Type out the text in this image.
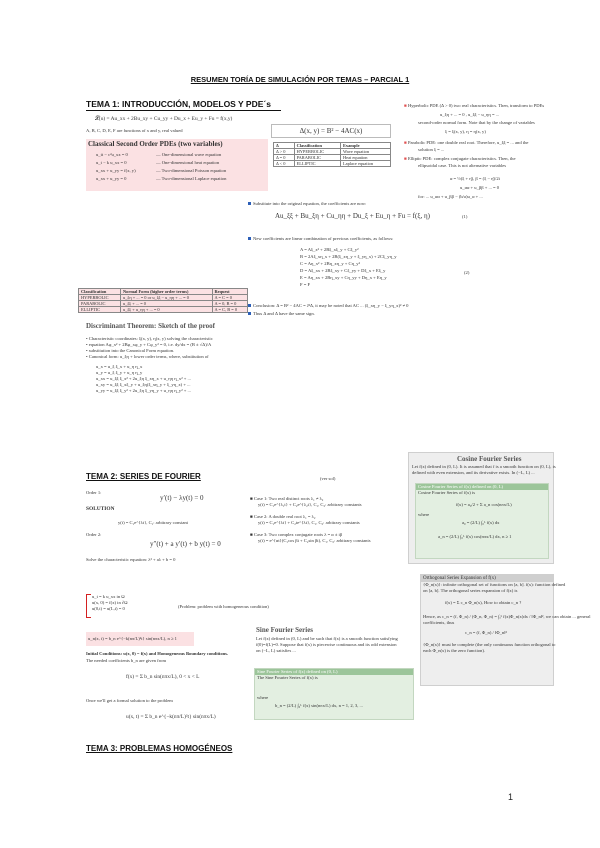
RESUMEN TORÍA DE SIMULACIÓN POR TEMAS – PARCIAL 1
TEMA 1: INTRODUCCIÓN, MODELOS Y PDE´s
𝓛(u) = Au_xx + 2Bu_xy + Cu_yy + Du_x + Eu_y + Fu = f(x,y)
A, B, C, D, E, F are functions of x and y, real valued	Δ(x, y) = B² − 4AC(x)
Classical Second Order PDEs (two variables)
u_tt − c²u_xx = 0	— One-dimensional wave equation
u_t − k u_xx = 0	— One-dimensional heat equation
u_xx + u_yy = f(x, y)	— Two-dimensional Poisson equation
u_xx + u_yy = 0	— Two-dimensional Laplace equation
Δ	Classification	Example
Δ > 0	HYPERBOLIC	Wave equation
Δ = 0	PARABOLIC	Heat equation
Δ < 0	ELLIPTIC	Laplace equation
Substitute into the original equation, the coefficients are now:
Au_ξξ + Bu_ξη + Cu_ηη + Du_ξ + Eu_η + Fu = f(ξ, η)	(1)
New coefficients are linear combination of previous coefficients, as follows:
A = Aξ_x² + 2Bξ_xξ_y + Cξ_y²
B = 2Aξ_xη_x + 2B(ξ_xη_y + ξ_yη_x) + 2Cξ_yη_y
C = Aη_x² + 2Bη_xη_y + Cη_y²
D = Aξ_xx + 2Bξ_xy + Cξ_yy + Dξ_x + Eξ_y
E = Aη_xx + 2Bη_xy + Cη_yy + Dη_x + Eη_y
F = F
(2)
Classification	Normal Form (higher order terms)	Request
HYPERBOLIC	u_ξη + ... = 0 or u_ξξ − u_ηη + ... = 0	A = C = 0
PARABOLIC	u_ξξ + ... = 0	A = 0, B = 0
ELLIPTIC	u_ξξ + u_ηη + ... = 0	A = C, B = 0
Conclusion: Δ = B² − 4AC = J²Δ, it may be noted that AC ... (ξ_xη_y − ξ_yη_x)² ≠ 0
Thus Δ and Δ have the same sign.
Discriminant Theorem: Sketch of the proof
• Characteristic coordinates: ξ(x, y), η(x, y) solving the characteristic
• equation Aφ_x² + 2Bφ_xφ_y + Cφ_y² = 0, i.e. dy/dx = (B ± √Δ)/A
• substitution into the Canonical Form equation.
• Canonical form: u_ξη + lower order terms, where, substitution of
u_x = u_ξ ξ_x + u_η η_x
u_y = u_ξ ξ_y + u_η η_y
u_xx = u_ξξ ξ_x² + 2u_ξη ξ_xη_x + u_ηη η_x² + ...
u_xy = u_ξξ ξ_xξ_y + u_ξη(ξ_xη_y + ξ_yη_x) + ...
u_yy = u_ξξ ξ_y² + 2u_ξη ξ_yη_y + u_ηη η_y² + ...
■ Hyperbolic PDE (Δ > 0) two real characteristics. Then, transform to PDEs
u_ξη + ... = 0 , u_ξξ − u_ηη = ...
second-order normal form. Note that by the change of variables
ξ = ξ(x, y), η = η(x, y)
■ Parabolic PDE: one double real root. Therefore, u_ξξ = ... and the
solution ξ = ...
■ Elliptic PDE: complex conjugate characteristics. Then, the
ellipsoidal case. This is not alternative variables
α = ½(ξ + η̄), β = (ξ − η̄)/2i
u_αα + u_ββ + ... = 0
for: ... u_αα + u_ββ − (b/a)u_α + ...
TEMA 2: SERIES DE FOURIER
Order 1:
y′(t) − λy(t) = 0
SOLUTION
y(t) = C₁e^{λt}, C₁: arbitrary constant
Order 2:
y″(t) + a y′(t) + b y(t) = 0
Solve the characteristic equation: λ² + aλ + b = 0
(ver sol)
■ Case 1: Two real distinct roots λ₁ ≠ λ₂
y(t) = C₁e^{λ₁t} + C₂e^{λ₂t}, C₁, C₂: arbitrary constants
■ Case 2: A double real root λ₁ = λ₂
y(t) = C₁e^{λt} + C₂te^{λt}, C₁, C₂: arbitrary constants
■ Case 3: Two complex conjugate roots λ = α ± iβ
y(t) = e^{αt}(C₁cos βt + C₂sin βt), C₁, C₂: arbitrary constants
u_t = k u_xx in Ω
u(x, 0) = f(x) in ∂Ω
u(0,t) = u(L,t) = 0	(Problem: problem with homogeneous condition)
u_n(x, t) = b_n e^{−k(nπ/L)²t} sin(nπx/L), n ≥ 1
Initial Conditions: u(x, 0) = f(x) and Homogeneous Boundary conditions.
The needed coefficients b_n are given from
f(x) = Σ b_n sin(nπx/L), 0 < x < L
Once we'll get a formal solution to the problem
u(x, t) = Σ b_n e^{−k(nπ/L)²t} sin(nπx/L)
Sine Fourier Series
Let f(x) defined in (0, L) and be such that f(x) is a smooth function satisfying
f(0)=f(L)=0. Suppose that f(x) is piecewise continuous and its odd extension
on (−L, L) satisfies ...
Sine Fourier Series of f(x) defined on (0, L)
The Sine Fourier Series of f(x) is
where
b_n = (2/L) ∫₀ᴸ f(x) sin(nπx/L) dx, n = 1, 2, 3, ...
Cosine Fourier Series
Let f(x) defined in (0, L). It is assumed that f is a smooth function on (0, L), is
defined with even extension, and its derivative exists. In (−L, L) ...
Cosine Fourier Series of f(x) defined on (0, L)
Cosine Fourier Series of f(x) is
f(x) = a₀/2 + Σ a_n cos(nπx/L)
where
a₀ = (2/L) ∫₀ᴸ f(x) dx
a_n = (2/L) ∫₀ᴸ f(x) cos(nπx/L) dx, n ≥ 1
Orthogonal Series Expansion of f(x)
{Φ_n(x)}: infinite orthogonal set of functions on [a, b]. f(x): function defined
on [a, b]. The orthogonal series expansion of f(x) is
f(x) = Σ c_n Φ_n(x), How to obtain c_n ?
Hence, as c_n = (f, Φ_n) / (Φ_n, Φ_n) = ∫ₐᵇ f(x)Φ_n(x)dx / ‖Φ_n‖², we can obtain ... general
coefficients, thus
c_n = (f, Φ_n) / ‖Φ_n‖²
{Φ_n(x)} must be complete (the only continuous function orthogonal to
each Φ_n(x) is the zero function).
TEMA 3: PROBLEMAS HOMOGÉNEOS
1
